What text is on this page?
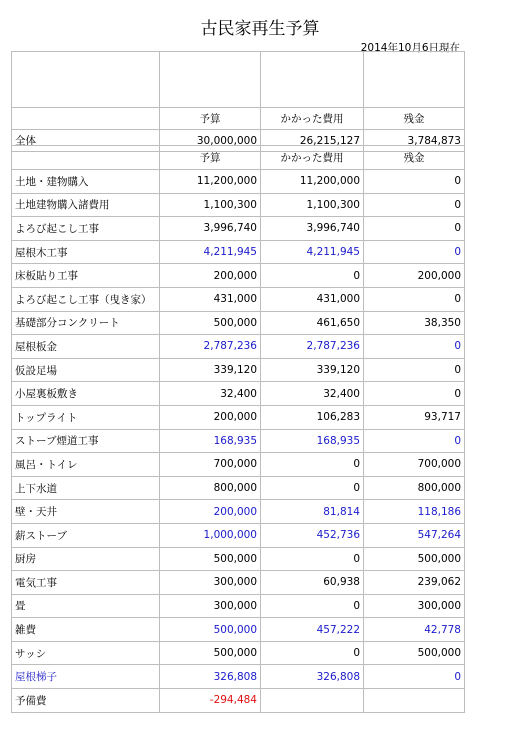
古民家再生予算
2014年10月6日現在

	予算	かかった費用	残金
全体	30,000,000	26,215,127	3,784,873
	予算	かかった費用	残金
土地・建物購入	11,200,000	11,200,000	0
土地建物購入諸費用	1,100,300	1,100,300	0
よろび起こし工事	3,996,740	3,996,740	0
屋根木工事	4,211,945	4,211,945	0
床板貼り工事	200,000	0	200,000
よろび起こし工事（曳き家）	431,000	431,000	0
基礎部分コンクリート	500,000	461,650	38,350
屋根板金	2,787,236	2,787,236	0
仮設足場	339,120	339,120	0
小屋裏板敷き	32,400	32,400	0
トップライト	200,000	106,283	93,717
ストーブ煙道工事	168,935	168,935	0
風呂・トイレ	700,000	0	700,000
上下水道	800,000	0	800,000
壁・天井	200,000	81,814	118,186
薪ストーブ	1,000,000	452,736	547,264
厨房	500,000	0	500,000
電気工事	300,000	60,938	239,062
畳	300,000	0	300,000
雑費	500,000	457,222	42,778
サッシ	500,000	0	500,000
屋根梯子	326,808	326,808	0
予備費	-294,484		
